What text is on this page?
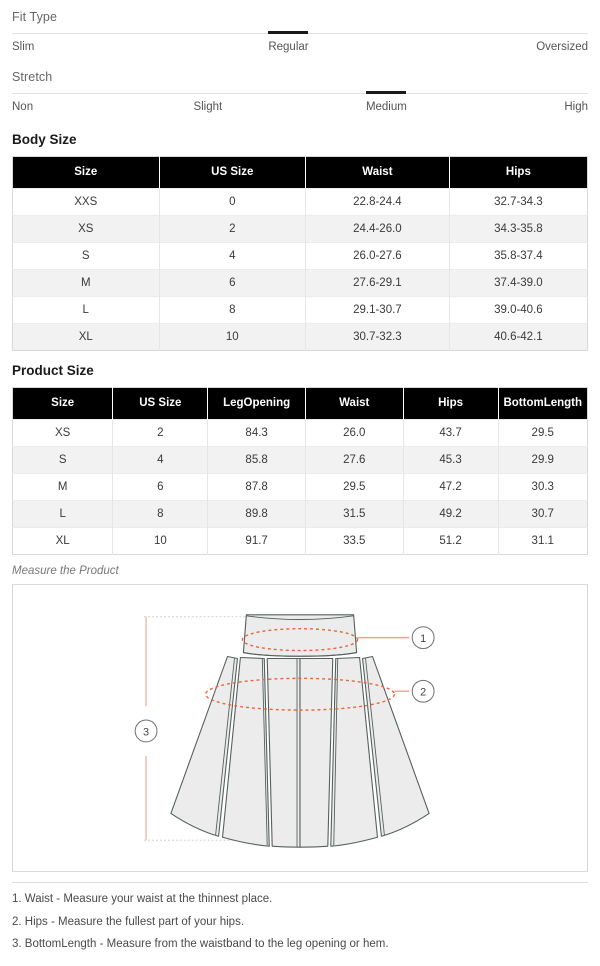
Fit Type
Slim	Regular	Oversized
Stretch
Non	Slight	Medium	High
Body Size
Size	US Size	Waist	Hips
XXS	0	22.8-24.4	32.7-34.3
XS	2	24.4-26.0	34.3-35.8
S	4	26.0-27.6	35.8-37.4
M	6	27.6-29.1	37.4-39.0
L	8	29.1-30.7	39.0-40.6
XL	10	30.7-32.3	40.6-42.1
Product Size
Size	US Size	LegOpening	Waist	Hips	BottomLength
XS	2	84.3	26.0	43.7	29.5
S	4	85.8	27.6	45.3	29.9
M	6	87.8	29.5	47.2	30.3
L	8	89.8	31.5	49.2	30.7
XL	10	91.7	33.5	51.2	31.1
Measure the Product
1
2
3

1. Waist - Measure your waist at the thinnest place.

2. Hips - Measure the fullest part of your hips.

3. BottomLength - Measure from the waistband to the leg opening or hem.
